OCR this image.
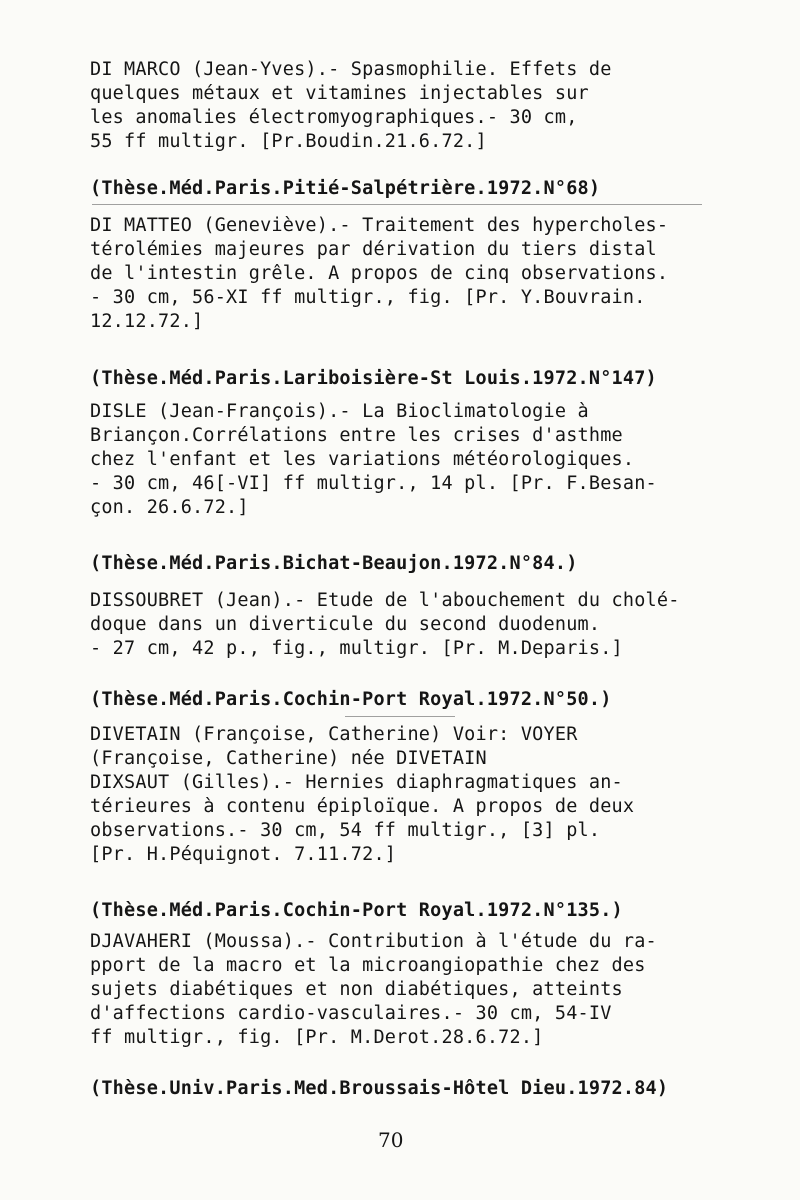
DI MARCO (Jean-Yves).- Spasmophilie. Effets de
quelques métaux et vitamines injectables sur
les anomalies électromyographiques.- 30 cm,
55 ff multigr. [Pr.Boudin.21.6.72.]
(Thèse.Méd.Paris.Pitié-Salpétrière.1972.N°68)
DI MATTEO (Geneviève).- Traitement des hypercholes-
térolémies majeures par dérivation du tiers distal
de l'intestin grêle. A propos de cinq observations.
- 30 cm, 56-XI ff multigr., fig. [Pr. Y.Bouvrain.
12.12.72.]
(Thèse.Méd.Paris.Lariboisière-St Louis.1972.N°147)
DISLE (Jean-François).- La Bioclimatologie à
Briançon.Corrélations entre les crises d'asthme
chez l'enfant et les variations météorologiques.
- 30 cm, 46[-VI] ff multigr., 14 pl. [Pr. F.Besan-
çon. 26.6.72.]
(Thèse.Méd.Paris.Bichat-Beaujon.1972.N°84.)
DISSOUBRET (Jean).- Etude de l'abouchement du cholé-
doque dans un diverticule du second duodenum.
- 27 cm, 42 p., fig., multigr. [Pr. M.Deparis.]
(Thèse.Méd.Paris.Cochin-Port Royal.1972.N°50.)
DIVETAIN (Françoise, Catherine) Voir: VOYER
(Françoise, Catherine) née DIVETAIN
DIXSAUT (Gilles).- Hernies diaphragmatiques an-
térieures à contenu épiploïque. A propos de deux
observations.- 30 cm, 54 ff multigr., [3] pl.
[Pr. H.Péquignot. 7.11.72.]
(Thèse.Méd.Paris.Cochin-Port Royal.1972.N°135.)
DJAVAHERI (Moussa).- Contribution à l'étude du ra-
pport de la macro et la microangiopathie chez des
sujets diabétiques et non diabétiques, atteints
d'affections cardio-vasculaires.- 30 cm, 54-IV
ff multigr., fig. [Pr. M.Derot.28.6.72.]
(Thèse.Univ.Paris.Med.Broussais-Hôtel Dieu.1972.84)
70
